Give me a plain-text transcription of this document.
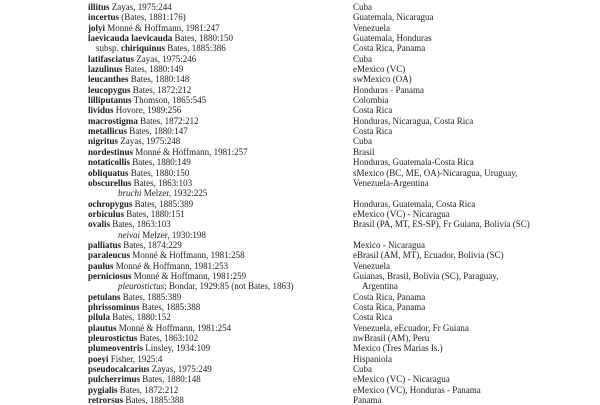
illitus Zayas, 1975:244	Cuba
incertus (Bates, 1881:176)	Guatemala, Nicaragua
jolyi Monné & Hoffmann, 1981:247	Venezuela
laevicauda laevicauda Bates, 1880:150	Guatemala, Honduras
subsp. chiriquinus Bates, 1885:386	Costa Rica, Panama
latifasciatus Zayas, 1975:246	Cuba
lazulinus Bates, 1880:149	eMexico (VC)
leucanthes Bates, 1880:148	swMexico (OA)
leucopygus Bates, 1872:212	Honduras - Panama
lilliputanus Thomson, 1865:545	Colombia
lividus Hovore, 1989:256	Costa Rica
macrostigma Bates, 1872:212	Honduras, Nicaragua, Costa Rica
metallicus Bates, 1880:147	Costa Rica
nigritus Zayas, 1975:248	Cuba
nordestinus Monné & Hoffmann, 1981:257	Brasil
notaticollis Bates, 1880:149	Honduras, Guatemala-Costa Rica
obliquatus Bates, 1880:150	sMexico (BC, ME, OA)-Nicaragua, Uruguay,
obscurellus Bates, 1863:103	Venezuela-Argentina
bruchi Melzer, 1932:225
ochropygus Bates, 1885:389	Honduras, Guatemala, Costa Rica
orbiculus Bates, 1880:151	eMexico (VC) - Nicaragua
ovalis Bates, 1863:103	Brasil (PA, MT, ES-SP), Fr Guiana, Bolivia (SC)
neivai Melzer, 1930:198
palliatus Bates, 1874:229	Mexico - Nicaragua
paraleucus Monné & Hoffmann, 1981:258	eBrasil (AM, MT), Ecuador, Bolivia (SC)
paulus Monné & Hoffmann, 1981:253	Venezuela
perniciosus Monné & Hoffmann, 1981:259	Guianas, Brasil, Bolivia (SC), Paraguay,
pleurostictus; Bondar, 1929:85 (not Bates, 1863)	Argentina
petulans Bates, 1885:389	Costa Rica, Panama
phrissominus Bates, 1885:388	Costa Rica, Panama
pilula Bates, 1880:152	Costa Rica
plautus Monné & Hoffmann, 1981:254	Venezuela, eEcuador, Fr Guiana
pleurostictus Bates, 1863:102	nwBrasil (AM), Peru
plumeoventris Linsley, 1934:109	Mexico (Tres Marias Is.)
poeyi Fisher, 1925:4	Hispaniola
pseudocalcarius Zayas, 1975:249	Cuba
pulcherrimus Bates, 1880:148	eMexico (VC) - Nicaragua
pygialis Bates, 1872:212	eMexico (VC), Honduras - Panama
retrorsus Bates, 1885:388	Panama
